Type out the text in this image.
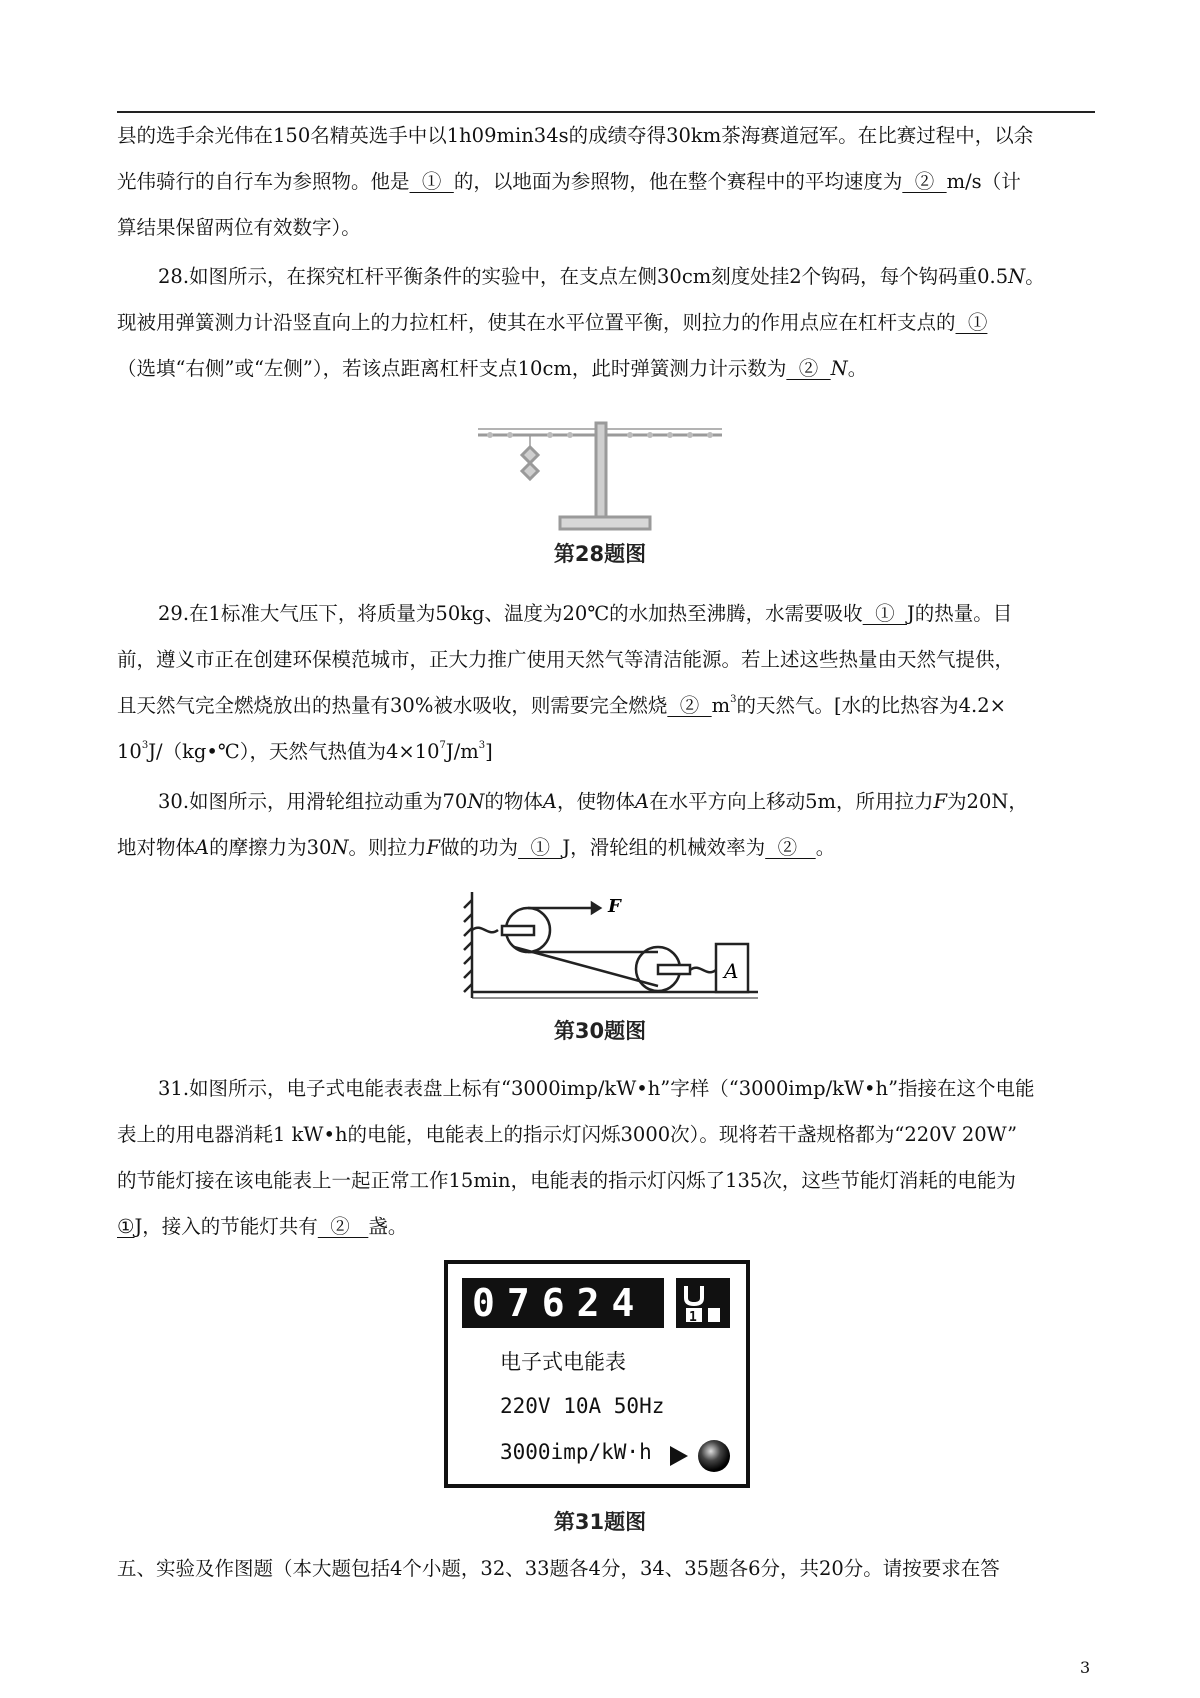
县的选手余光伟在150名精英选手中以1h09min34s的成绩夺得30km茶海赛道冠军。在比赛过程中，以余
光伟骑行的自行车为参照物。他是  ①  的，以地面为参照物，他在整个赛程中的平均速度为  ②  m/s（计
算结果保留两位有效数字）。

28.如图所示，在探究杠杆平衡条件的实验中，在支点左侧30cm刻度处挂2个钩码，每个钩码重0.5N。

现被用弹簧测力计沿竖直向上的力拉杠杆，使其在水平位置平衡，则拉力的作用点应在杠杆支点的  ①
（选填“右侧”或“左侧”），若该点距离杠杆支点10cm，此时弹簧测力计示数为  ②  N。

第28题图

29.在1标准大气压下，将质量为50kg、温度为20℃的水加热至沸腾，水需要吸收  ①  J的热量。目

前，遵义市正在创建环保模范城市，正大力推广使用天然气等清洁能源。若上述这些热量由天然气提供，
且天然气完全燃烧放出的热量有30%被水吸收，则需要完全燃烧  ②  $m^3$的天然气。[水的比热容为4.2×
$10^3J/(kg•℃)$，天然气热值为$4\times 10^7J/m^3$]

30.如图所示，用滑轮组拉动重为70N的物体A，使物体A在水平方向上移动5m，所用拉力F为20N，

地对物体A的摩擦力为30N。则拉力F做的功为  ①  J，滑轮组的机械效率为  ②   。

F
A
第30题图

31.如图所示，电子式电能表表盘上标有“3000imp/kW•h”字样（“3000imp/kW•h”指接在这个电能

表上的用电器消耗1 kW•h的电能，电能表上的指示灯闪烁3000次）。现将若干盏规格都为“220V 20W”
的节能灯接在该电能表上一起正常工作15min，电能表的指示灯闪烁了135次，这些节能灯消耗的电能为
①J，接入的节能灯共有  ②   盏。

07624	1
电子式电能表
220V 10A 50Hz
3000imp/kW·h
第31题图

五、实验及作图题（本大题包括4个小题，32、33题各4分，34、35题各6分，共20分。请按要求在答

3
